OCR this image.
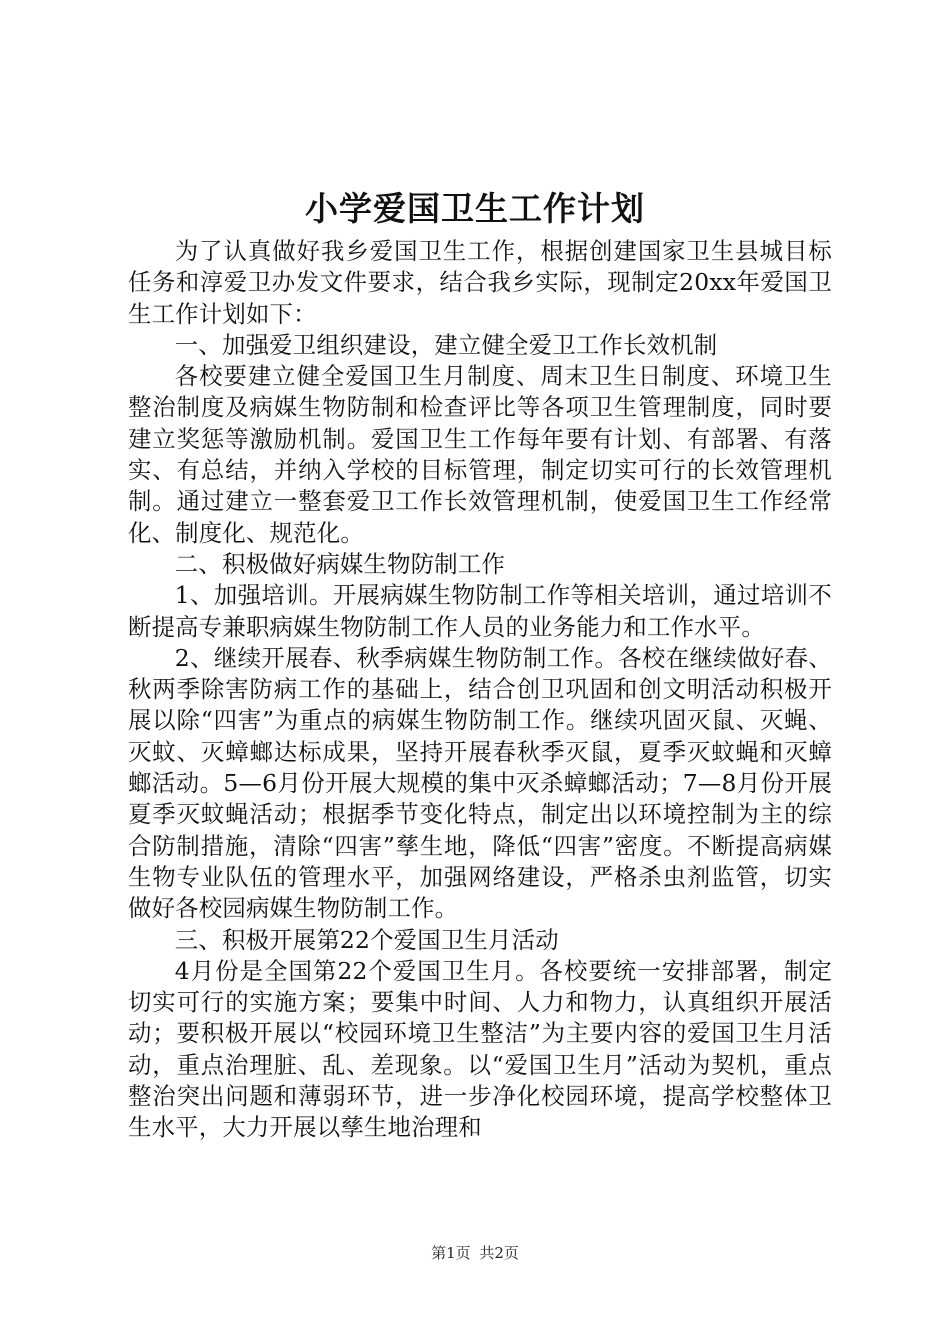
小学爱国卫生工作计划

为了认真做好我乡爱国卫生工作，根据创建国家卫生县城目标任务和淳爱卫办发文件要求，结合我乡实际，现制定20xx年爱国卫生工作计划如下：

一、加强爱卫组织建设，建立健全爱卫工作长效机制

各校要建立健全爱国卫生月制度、周末卫生日制度、环境卫生整治制度及病媒生物防制和检查评比等各项卫生管理制度，同时要建立奖惩等激励机制。爱国卫生工作每年要有计划、有部署、有落实、有总结，并纳入学校的目标管理，制定切实可行的长效管理机制。通过建立一整套爱卫工作长效管理机制，使爱国卫生工作经常化、制度化、规范化。

二、积极做好病媒生物防制工作

1、加强培训。开展病媒生物防制工作等相关培训，通过培训不断提高专兼职病媒生物防制工作人员的业务能力和工作水平。

2、继续开展春、秋季病媒生物防制工作。各校在继续做好春、秋两季除害防病工作的基础上，结合创卫巩固和创文明活动积极开展以除“四害”为重点的病媒生物防制工作。继续巩固灭鼠、灭蝇、灭蚊、灭蟑螂达标成果，坚持开展春秋季灭鼠，夏季灭蚊蝇和灭蟑螂活动。5—6月份开展大规模的集中灭杀蟑螂活动；7—8月份开展夏季灭蚊蝇活动；根据季节变化特点，制定出以环境控制为主的综合防制措施，清除“四害”孳生地，降低“四害”密度。不断提高病媒生物专业队伍的管理水平，加强网络建设，严格杀虫剂监管，切实做好各校园病媒生物防制工作。

三、积极开展第22个爱国卫生月活动

4月份是全国第22个爱国卫生月。各校要统一安排部署，制定切实可行的实施方案；要集中时间、人力和物力，认真组织开展活动；要积极开展以“校园环境卫生整洁”为主要内容的爱国卫生月活动，重点治理脏、乱、差现象。以“爱国卫生月”活动为契机，重点整治突出问题和薄弱环节，进一步净化校园环境，提高学校整体卫生水平，大力开展以孳生地治理和

第1页 共2页
